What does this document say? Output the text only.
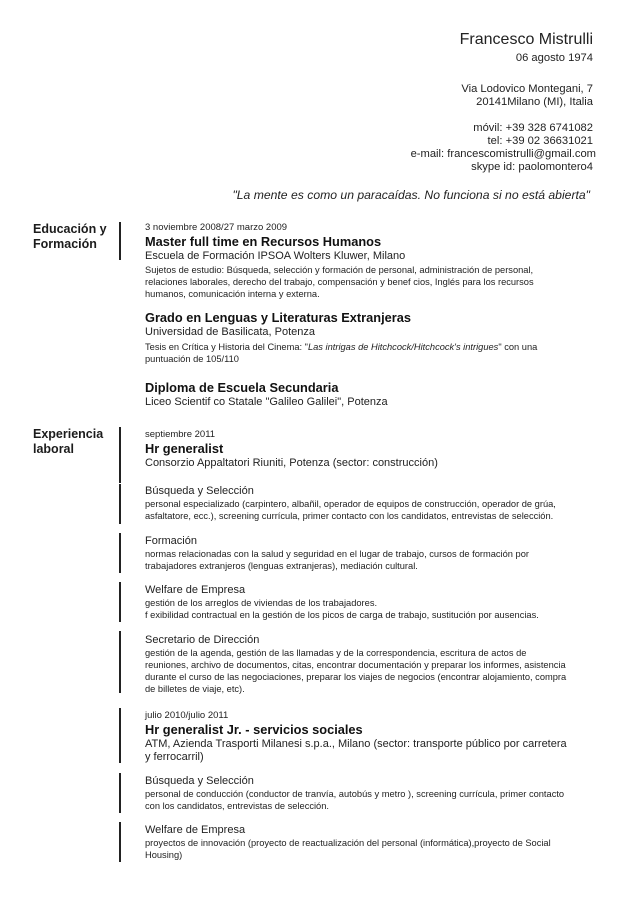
Francesco Mistrulli
06 agosto 1974
Via Lodovico Montegani, 7
20141Milano (MI), Italia
móvil: +39 328 6741082
tel: +39 02 36631021
e-mail: francescomistrulli@gmail.com
skype id: paolomontero4
"La mente es como un paracaídas. No funciona si no está abierta"
Educación y
Formación
3 noviembre 2008/27 marzo 2009
Master full time en Recursos Humanos
Escuela de Formación IPSOA Wolters Kluwer, Milano
Sujetos de estudio: Búsqueda, selección y formación de personal, administración de personal,
relaciones laborales, derecho del trabajo, compensación y benef cios, Inglés para los recursos
humanos, comunicación interna y externa.
Grado en Lenguas y Literaturas Extranjeras
Universidad de Basilicata, Potenza
Tesis en Crítica y Historia del Cinema: "Las intrigas de Hitchcock/Hitchcock's intrigues" con una
puntuación de 105/110
Diploma de Escuela Secundaria
Liceo Scientif co Statale "Galileo Galilei", Potenza
Experiencia
laboral
septiembre 2011
Hr generalist
Consorzio Appaltatori Riuniti, Potenza (sector: construcción)
Búsqueda y Selección
personal especializado (carpintero, albañil, operador de equipos de construcción, operador de grúa,
asfaltatore, ecc.), screening currícula, primer contacto con los candidatos, entrevistas de selección.
Formación
normas relacionadas con la salud y seguridad en el lugar de trabajo, cursos de formación por
trabajadores extranjeros (lenguas extranjeras), mediación cultural.
Welfare de Empresa
gestión de los arreglos de viviendas de los trabajadores.
f exibilidad contractual en la gestión de los picos de carga de trabajo, sustitución por ausencias.
Secretario de Dirección
gestión de la agenda, gestión de las llamadas y de la correspondencia, escritura de actos de
reuniones, archivo de documentos, citas, encontrar documentación y preparar los informes, asistencia
durante el curso de las negociaciones, preparar los viajes de negocios (encontrar alojamiento, compra
de billetes de viaje, etc).
julio 2010/julio 2011
Hr generalist Jr. - servicios sociales
ATM, Azienda Trasporti Milanesi s.p.a., Milano (sector: transporte público por carretera
y ferrocarril)
Búsqueda y Selección
personal de conducción (conductor de tranvía, autobús y metro ), screening currícula, primer contacto
con los candidatos, entrevistas de selección.
Welfare de Empresa
proyectos de innovación (proyecto de reactualización del personal (informática),proyecto de Social
Housing)
